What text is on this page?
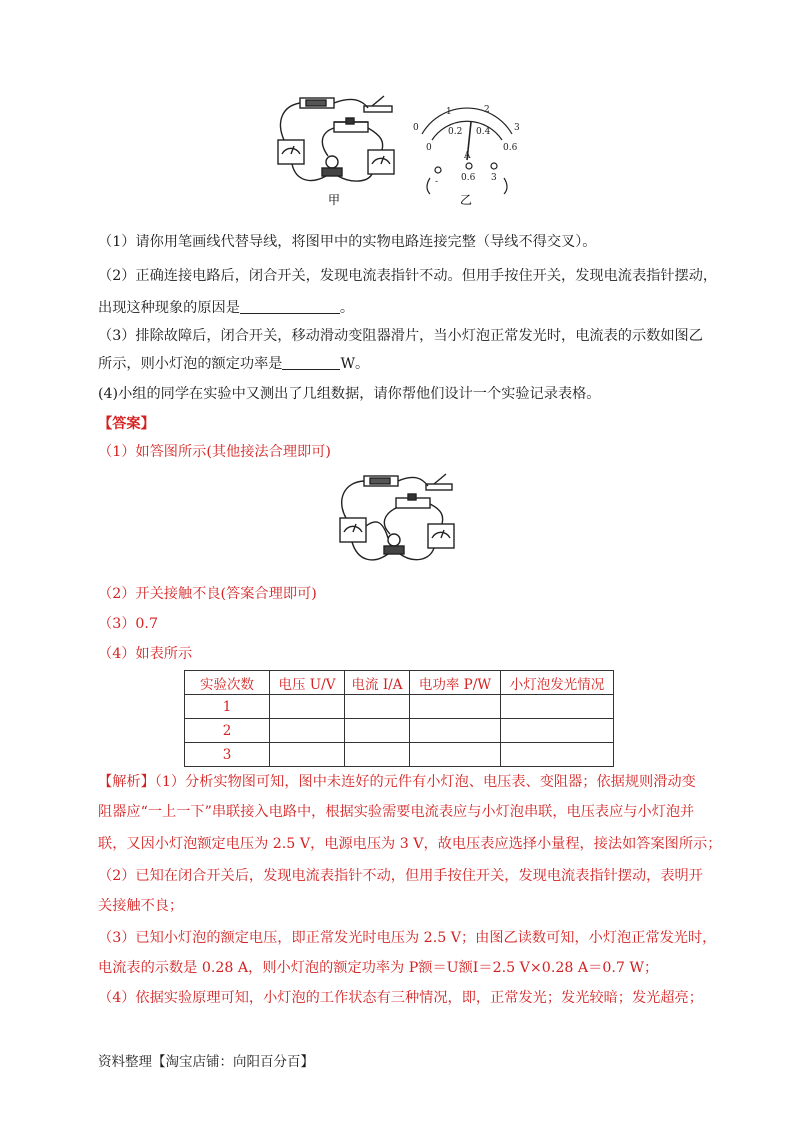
甲
0
1	2
3
0
0.2 0.4
0.6
A
-	0.6 3
乙
（1）请你用笔画线代替导线，将图甲中的实物电路连接完整（导线不得交叉）。
（2）正确连接电路后，闭合开关，发现电流表指针不动。但用手按住开关，发现电流表指针摆动，
出现这种现象的原因是	。
（3）排除故障后，闭合开关，移动滑动变阻器滑片，当小灯泡正常发光时，电流表的示数如图乙
所示，则小灯泡的额定功率是	W。
(4)小组的同学在实验中又测出了几组数据，请你帮他们设计一个实验记录表格。
【答案】
（1）如答图所示(其他接法合理即可)
（2）开关接触不良(答案合理即可)
（3）0.7
（4）如表所示
实验次数	电压 U/V	电流 I/A	电功率 P/W	小灯泡发光情况
1				
2				
3				
【解析】（1）分析实物图可知，图中未连好的元件有小灯泡、电压表、变阻器；依据规则滑动变
阻器应“一上一下”串联接入电路中，根据实验需要电流表应与小灯泡串联，电压表应与小灯泡并
联，又因小灯泡额定电压为 2.5 V，电源电压为 3 V，故电压表应选择小量程，接法如答案图所示；
（2）已知在闭合开关后，发现电流表指针不动，但用手按住开关，发现电流表指针摆动，表明开
关接触不良；
（3）已知小灯泡的额定电压，即正常发光时电压为 2.5 V；由图乙读数可知，小灯泡正常发光时，
电流表的示数是 0.28 A，则小灯泡的额定功率为 P额＝U额I＝2.5 V×0.28 A＝0.7 W；
（4）依据实验原理可知，小灯泡的工作状态有三种情况，即，正常发光；发光较暗；发光超亮；
资料整理【淘宝店铺：向阳百分百】
